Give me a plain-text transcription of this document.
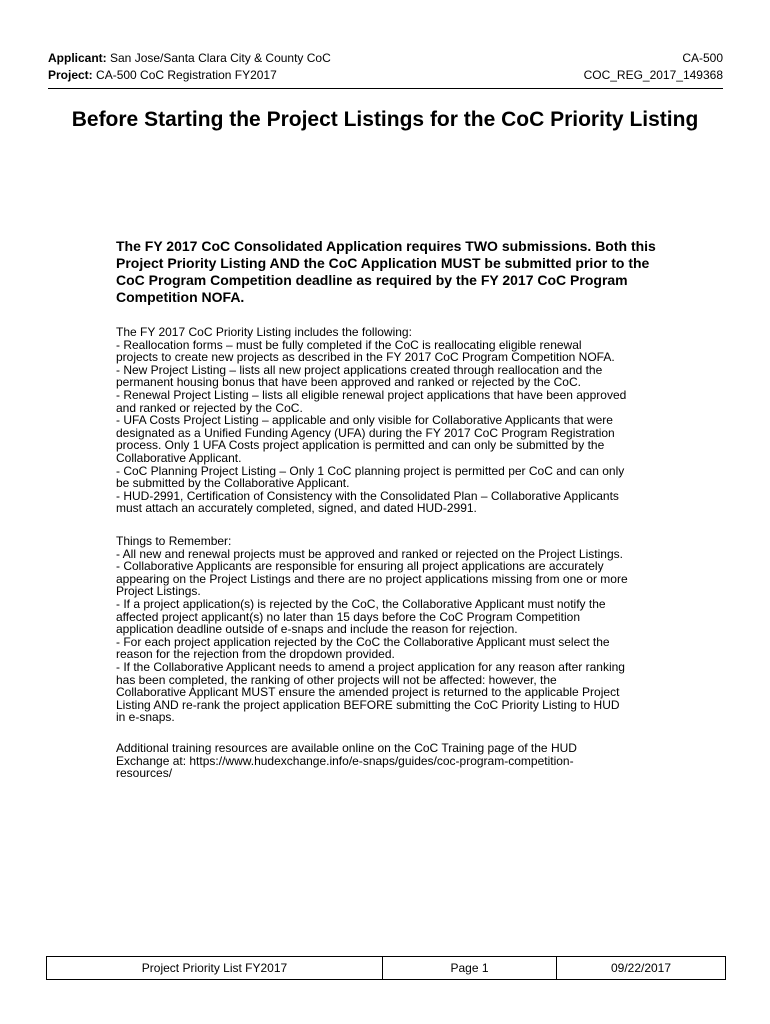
Applicant: San Jose/Santa Clara City & County CoC	CA-500
Project: CA-500 CoC Registration FY2017	COC_REG_2017_149368
Before Starting the Project Listings for the CoC Priority Listing
The FY 2017 CoC Consolidated Application requires TWO submissions. Both this Project Priority Listing AND the CoC Application MUST be submitted prior to the CoC Program Competition deadline as required by the FY 2017 CoC Program Competition NOFA.
The FY 2017 CoC Priority Listing includes the following:
- Reallocation forms – must be fully completed if the CoC is reallocating eligible renewal
projects to create new projects as described in the FY 2017 CoC Program Competition NOFA.
- New Project Listing – lists all new project applications created through reallocation and the
permanent housing bonus that have been approved and ranked or rejected by the CoC.
- Renewal Project Listing – lists all eligible renewal project applications that have been approved
and ranked or rejected by the CoC.
- UFA Costs Project Listing – applicable and only visible for Collaborative Applicants that were
designated as a Unified Funding Agency (UFA) during the FY 2017 CoC Program Registration
process. Only 1 UFA Costs project application is permitted and can only be submitted by the
Collaborative Applicant.
- CoC Planning Project Listing – Only 1 CoC planning project is permitted per CoC and can only
be submitted by the Collaborative Applicant.
- HUD-2991, Certification of Consistency with the Consolidated Plan – Collaborative Applicants
must attach an accurately completed, signed, and dated HUD-2991.
Things to Remember:
- All new and renewal projects must be approved and ranked or rejected on the Project Listings.
- Collaborative Applicants are responsible for ensuring all project applications are accurately
appearing on the Project Listings and there are no project applications missing from one or more
Project Listings.
- If a project application(s) is rejected by the CoC, the Collaborative Applicant must notify the
affected project applicant(s) no later than 15 days before the CoC Program Competition
application deadline outside of e-snaps and include the reason for rejection.
- For each project application rejected by the CoC the Collaborative Applicant must select the
reason for the rejection from the dropdown provided.
- If the Collaborative Applicant needs to amend a project application for any reason after ranking
has been completed, the ranking of other projects will not be affected: however, the
Collaborative Applicant MUST ensure the amended project is returned to the applicable Project
Listing AND re-rank the project application BEFORE submitting the CoC Priority Listing to HUD
in e-snaps.
Additional training resources are available online on the CoC Training page of the HUD
Exchange at: https://www.hudexchange.info/e-snaps/guides/coc-program-competition-
resources/
Project Priority List FY2017	Page 1	09/22/2017
